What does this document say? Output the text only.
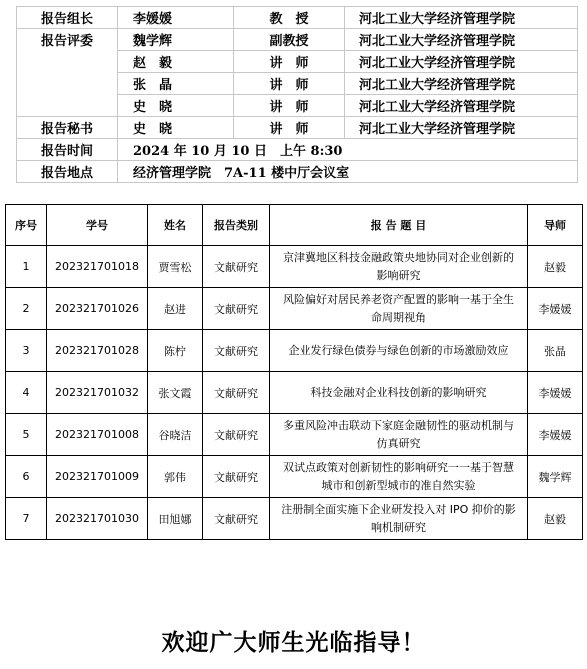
报告组长	李媛媛	教　授	河北工业大学经济管理学院
报告评委	魏学辉	副教授	河北工业大学经济管理学院
	赵　毅	讲　师	河北工业大学经济管理学院
	张　晶	讲　师	河北工业大学经济管理学院
	史　晓	讲　师	河北工业大学经济管理学院
报告秘书	史　晓	讲　师	河北工业大学经济管理学院
报告时间	2024 年 10 月 10 日　上午 8:30		
报告地点	经济管理学院　7A-11 楼中厅会议室		
序号	学号	姓名	报告类别	报 告 题 目	导师
1	202321701018	贾雪松	文献研究	京津冀地区科技金融政策央地协同对企业创新的影响研究	赵毅
2	202321701026	赵进	文献研究	风险偏好对居民养老资产配置的影响一基于全生命周期视角	李媛媛
3	202321701028	陈柠	文献研究	企业发行绿色债券与绿色创新的市场激励效应	张晶
4	202321701032	张文霞	文献研究	科技金融对企业科技创新的影响研究	李媛媛
5	202321701008	谷晓洁	文献研究	多重风险冲击联动下家庭金融韧性的驱动机制与仿真研究	李媛媛
6	202321701009	郭伟	文献研究	双试点政策对创新韧性的影响研究一一基于智慧城市和创新型城市的准自然实验	魏学辉
7	202321701030	田旭娜	文献研究	注册制全面实施下企业研发投入对 IPO 抑价的影响机制研究	赵毅
欢迎广大师生光临指导！
